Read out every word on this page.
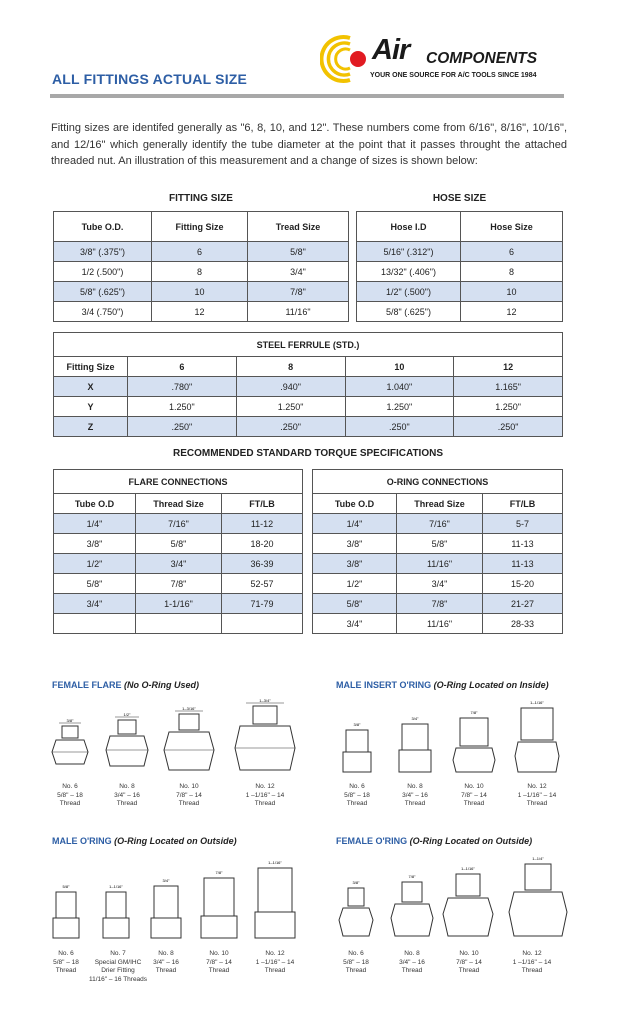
Air COMPONENTS
YOUR ONE SOURCE FOR A/C TOOLS SINCE 1984
ALL FITTINGS ACTUAL SIZE

Fitting sizes are identifed generally as "6, 8, 10, and 12". These numbers come from 6/16", 8/16", 10/16", and 12/16" which generally identify the tube diameter at the point that it passes throught the attached threaded nut. An illustration of this measurement and a change of sizes is shown below:

FITTING SIZE
Tube O.D.	Fitting Size	Tread Size
3/8" (.375")	6	5/8"
1/2 (.500")	8	3/4"
5/8" (.625")	10	7/8"
3/4 (.750")	12	11/16"
HOSE SIZE
Hose I.D	Hose Size
5/16" (.312")	6
13/32" (.406")	8
1/2" (.500")	10
5/8" (.625")	12
STEEL FERRULE (STD.)				
Fitting Size	6	8	10	12
X	.780"	.940"	1.040"	1.165"
Y	1.250"	1.250"	1.250"	1.250"
Z	.250"	.250"	.250"	.250"
RECOMMENDED STANDARD TORQUE SPECIFICATIONS
FLARE CONNECTIONS		
Tube O.D	Thread Size	FT/LB
1/4"	7/16"	11-12
3/8"	5/8"	18-20
1/2"	3/4"	36-39
5/8"	7/8"	52-57
3/4"	1-1/16"	71-79

O-RING CONNECTIONS		
Tube O.D	Thread Size	FT/LB
1/4"	7/16"	5-7
3/8"	5/8"	11-13
3/8"	11/16"	11-13
1/2"	3/4"	15-20
5/8"	7/8"	21-27
3/4"	11/16"	28-33
FEMALE FLARE (No O-Ring Used)	MALE INSERT O'RING (O-Ring Located on Inside)
MALE O'RING (O-Ring Located on Outside)	FEMALE O'RING (O-Ring Located on Outside)
3/8"
1/2"
1–3/16"
1–3/4"
3/8"
3/4"
7/8"
1–1/16"
5/8"	1–1/16"
3/4"
7/8"
1–1/16"
3/8"
7/8"
1–1/16"
1–1/4"
No. 6
5/8" – 18
Thread
No. 8
3/4" – 16
Thread
No. 10
7/8" – 14
Thread
No. 12
1 –1/16" – 14
Thread
No. 6
5/8" – 18
Thread
No. 8
3/4" – 16
Thread
No. 10
7/8" – 14
Thread
No. 12
1 –1/16" – 14
Thread
No. 6
5/8" – 18
Thread
No. 7
Special GM/IHC
Drier Fitting
11/16" – 16 Threads
No. 8
3/4" – 16
Thread
No. 10
7/8" – 14
Thread
No. 12
1 –1/16" – 14
Thread
No. 6
5/8" – 18
Thread
No. 8
3/4" – 16
Thread
No. 10
7/8" – 14
Thread
No. 12
1 –1/16" – 14
Thread
